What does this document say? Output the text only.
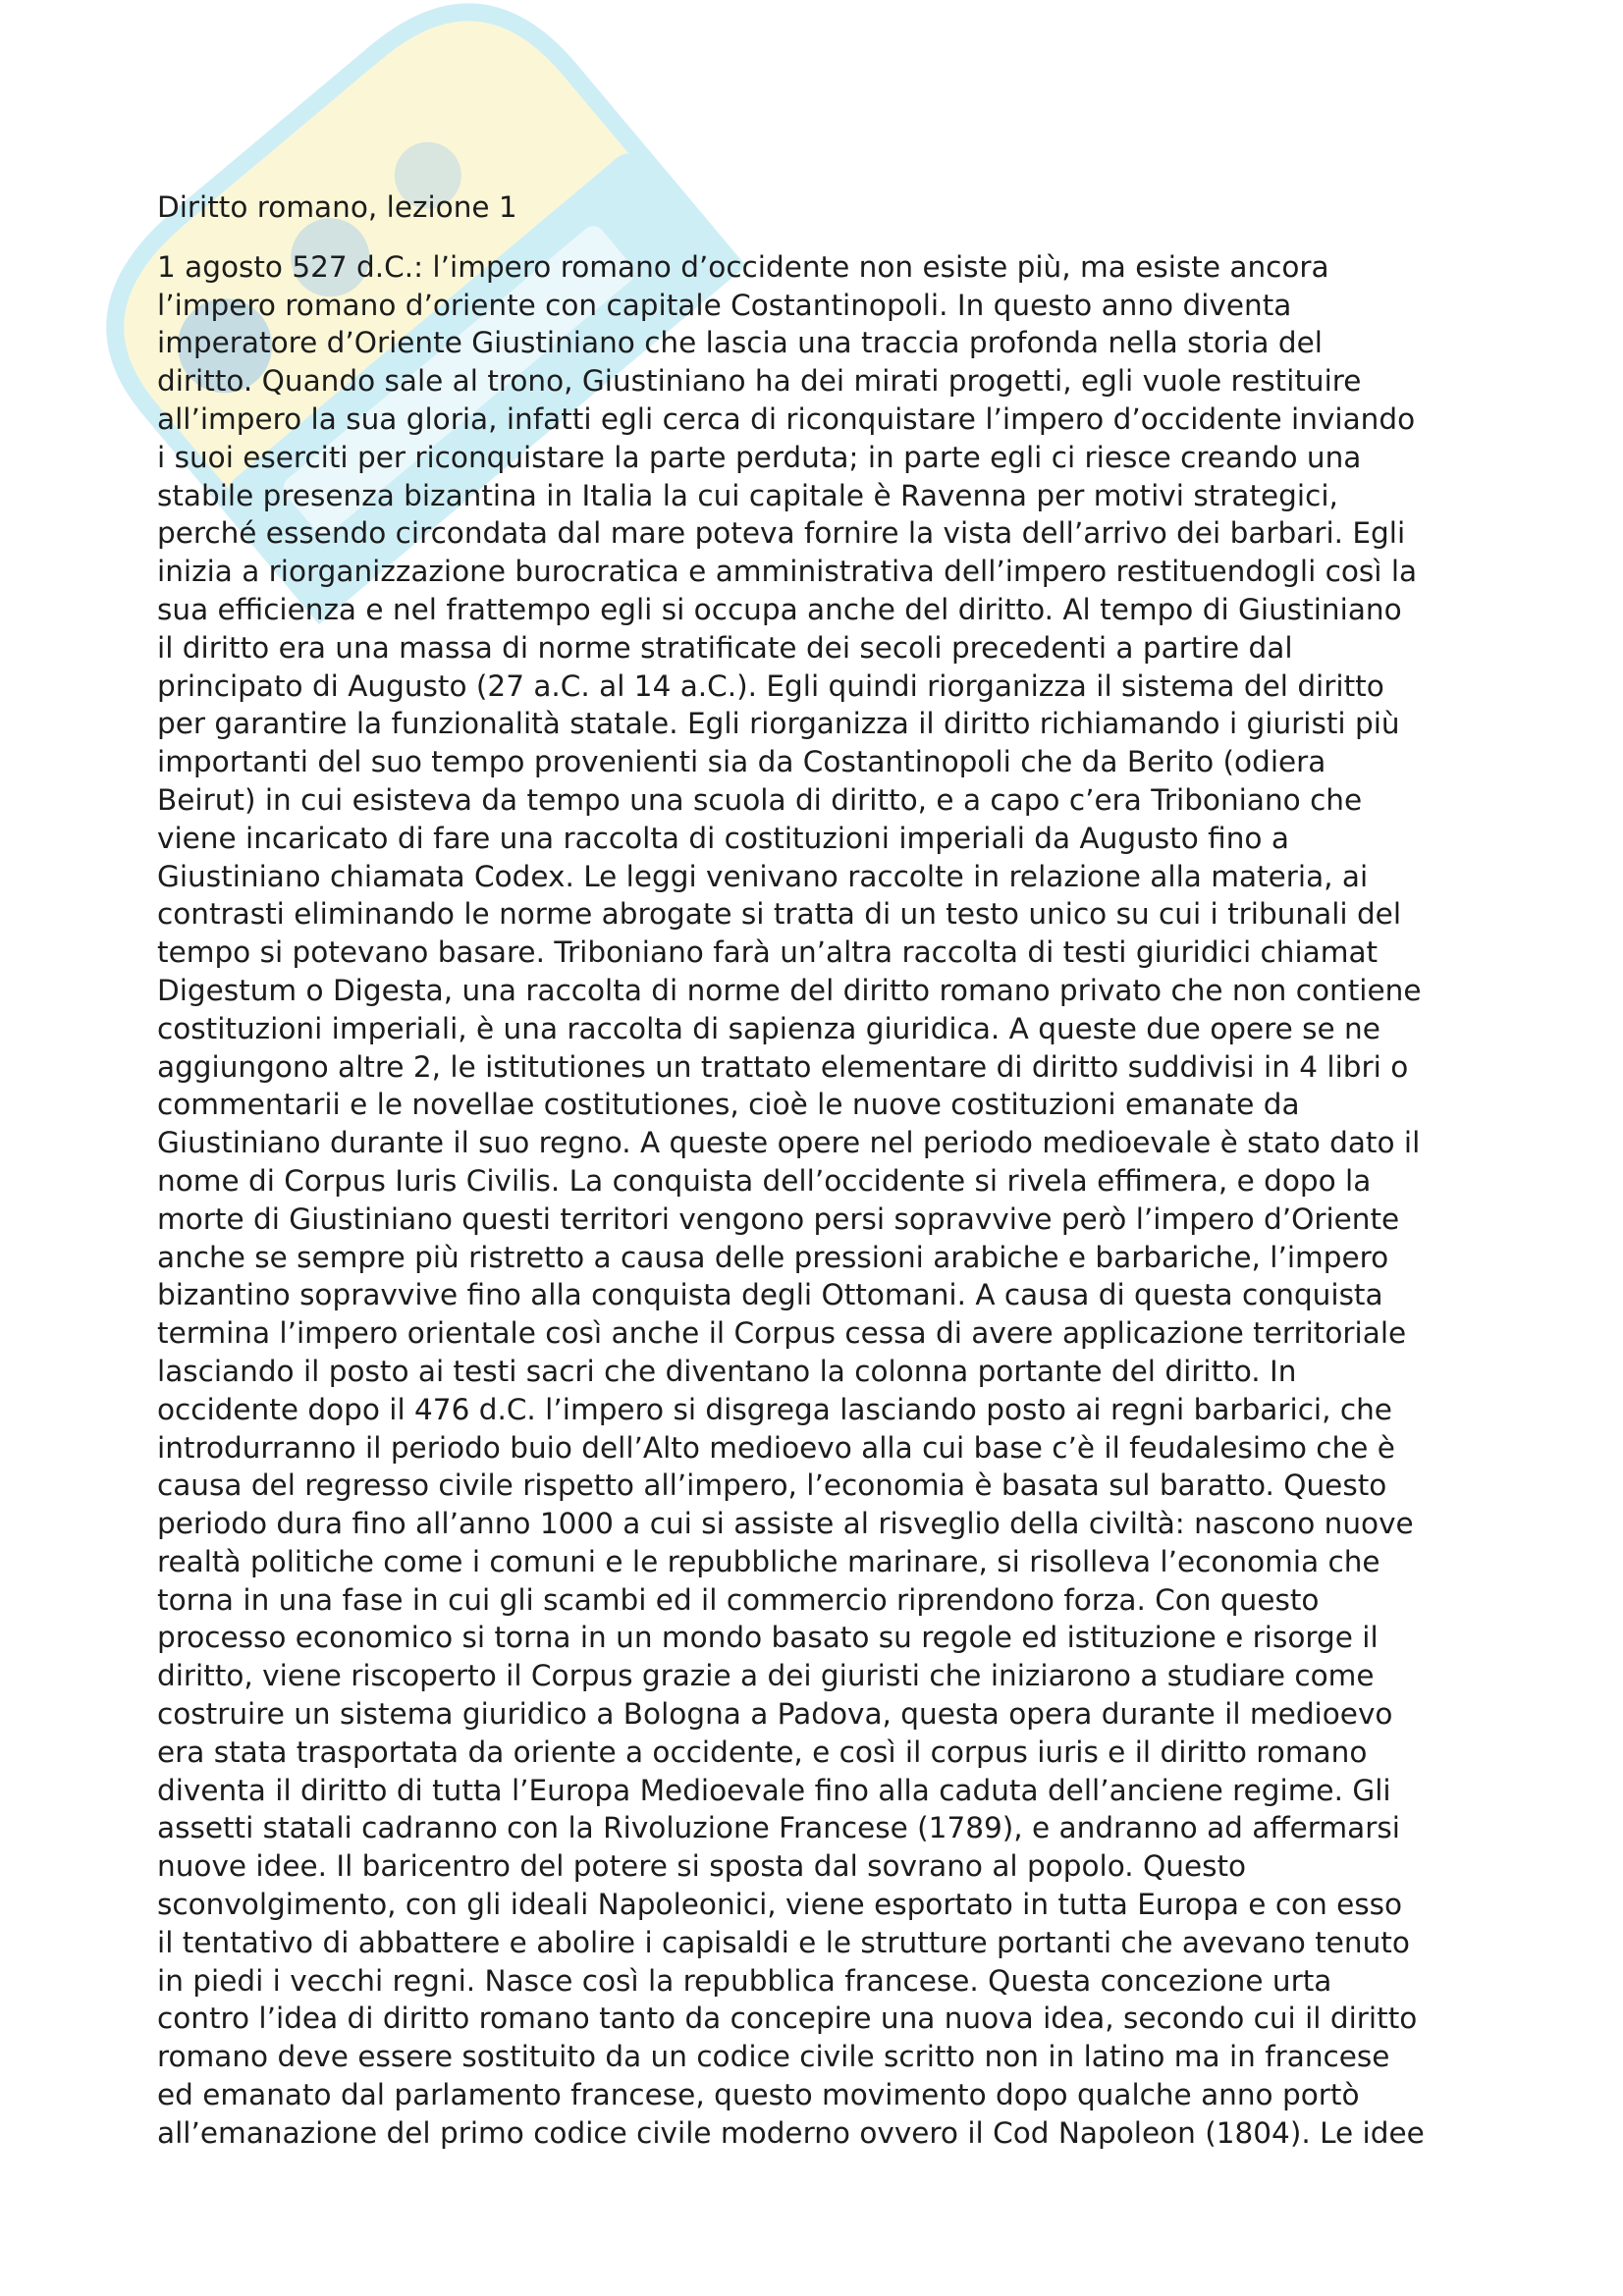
Diritto romano, lezione 1

1 agosto 527 d.C.: l’impero romano d’occidente non esiste più, ma esiste ancora
l’impero romano d’oriente con capitale Costantinopoli. In questo anno diventa
imperatore d’Oriente Giustiniano che lascia una traccia profonda nella storia del
diritto. Quando sale al trono, Giustiniano ha dei mirati progetti, egli vuole restituire
all’impero la sua gloria, infatti egli cerca di riconquistare l’impero d’occidente inviando
i suoi eserciti per riconquistare la parte perduta; in parte egli ci riesce creando una
stabile presenza bizantina in Italia la cui capitale è Ravenna per motivi strategici,
perché essendo circondata dal mare poteva fornire la vista dell’arrivo dei barbari. Egli
inizia a riorganizzazione burocratica e amministrativa dell’impero restituendogli così la
sua efficienza e nel frattempo egli si occupa anche del diritto. Al tempo di Giustiniano
il diritto era una massa di norme stratificate dei secoli precedenti a partire dal
principato di Augusto (27 a.C. al 14 a.C.). Egli quindi riorganizza il sistema del diritto
per garantire la funzionalità statale. Egli riorganizza il diritto richiamando i giuristi più
importanti del suo tempo provenienti sia da Costantinopoli che da Berito (odiera
Beirut) in cui esisteva da tempo una scuola di diritto, e a capo c’era Triboniano che
viene incaricato di fare una raccolta di costituzioni imperiali da Augusto fino a
Giustiniano chiamata Codex. Le leggi venivano raccolte in relazione alla materia, ai
contrasti eliminando le norme abrogate si tratta di un testo unico su cui i tribunali del
tempo si potevano basare. Triboniano farà un’altra raccolta di testi giuridici chiamat
Digestum o Digesta, una raccolta di norme del diritto romano privato che non contiene
costituzioni imperiali, è una raccolta di sapienza giuridica. A queste due opere se ne
aggiungono altre 2, le istitutiones un trattato elementare di diritto suddivisi in 4 libri o
commentarii e le novellae costitutiones, cioè le nuove costituzioni emanate da
Giustiniano durante il suo regno. A queste opere nel periodo medioevale è stato dato il
nome di Corpus Iuris Civilis. La conquista dell’occidente si rivela effimera, e dopo la
morte di Giustiniano questi territori vengono persi sopravvive però l’impero d’Oriente
anche se sempre più ristretto a causa delle pressioni arabiche e barbariche, l’impero
bizantino sopravvive fino alla conquista degli Ottomani. A causa di questa conquista
termina l’impero orientale così anche il Corpus cessa di avere applicazione territoriale
lasciando il posto ai testi sacri che diventano la colonna portante del diritto. In
occidente dopo il 476 d.C. l’impero si disgrega lasciando posto ai regni barbarici, che
introdurranno il periodo buio dell’Alto medioevo alla cui base c’è il feudalesimo che è
causa del regresso civile rispetto all’impero, l’economia è basata sul baratto. Questo
periodo dura fino all’anno 1000 a cui si assiste al risveglio della civiltà: nascono nuove
realtà politiche come i comuni e le repubbliche marinare, si risolleva l’economia che
torna in una fase in cui gli scambi ed il commercio riprendono forza. Con questo
processo economico si torna in un mondo basato su regole ed istituzione e risorge il
diritto, viene riscoperto il Corpus grazie a dei giuristi che iniziarono a studiare come
costruire un sistema giuridico a Bologna a Padova, questa opera durante il medioevo
era stata trasportata da oriente a occidente, e così il corpus iuris e il diritto romano
diventa il diritto di tutta l’Europa Medioevale fino alla caduta dell’anciene regime. Gli
assetti statali cadranno con la Rivoluzione Francese (1789), e andranno ad affermarsi
nuove idee. Il baricentro del potere si sposta dal sovrano al popolo. Questo
sconvolgimento, con gli ideali Napoleonici, viene esportato in tutta Europa e con esso
il tentativo di abbattere e abolire i capisaldi e le strutture portanti che avevano tenuto
in piedi i vecchi regni. Nasce così la repubblica francese. Questa concezione urta
contro l’idea di diritto romano tanto da concepire una nuova idea, secondo cui il diritto
romano deve essere sostituito da un codice civile scritto non in latino ma in francese
ed emanato dal parlamento francese, questo movimento dopo qualche anno portò
all’emanazione del primo codice civile moderno ovvero il Cod Napoleon (1804). Le idee
